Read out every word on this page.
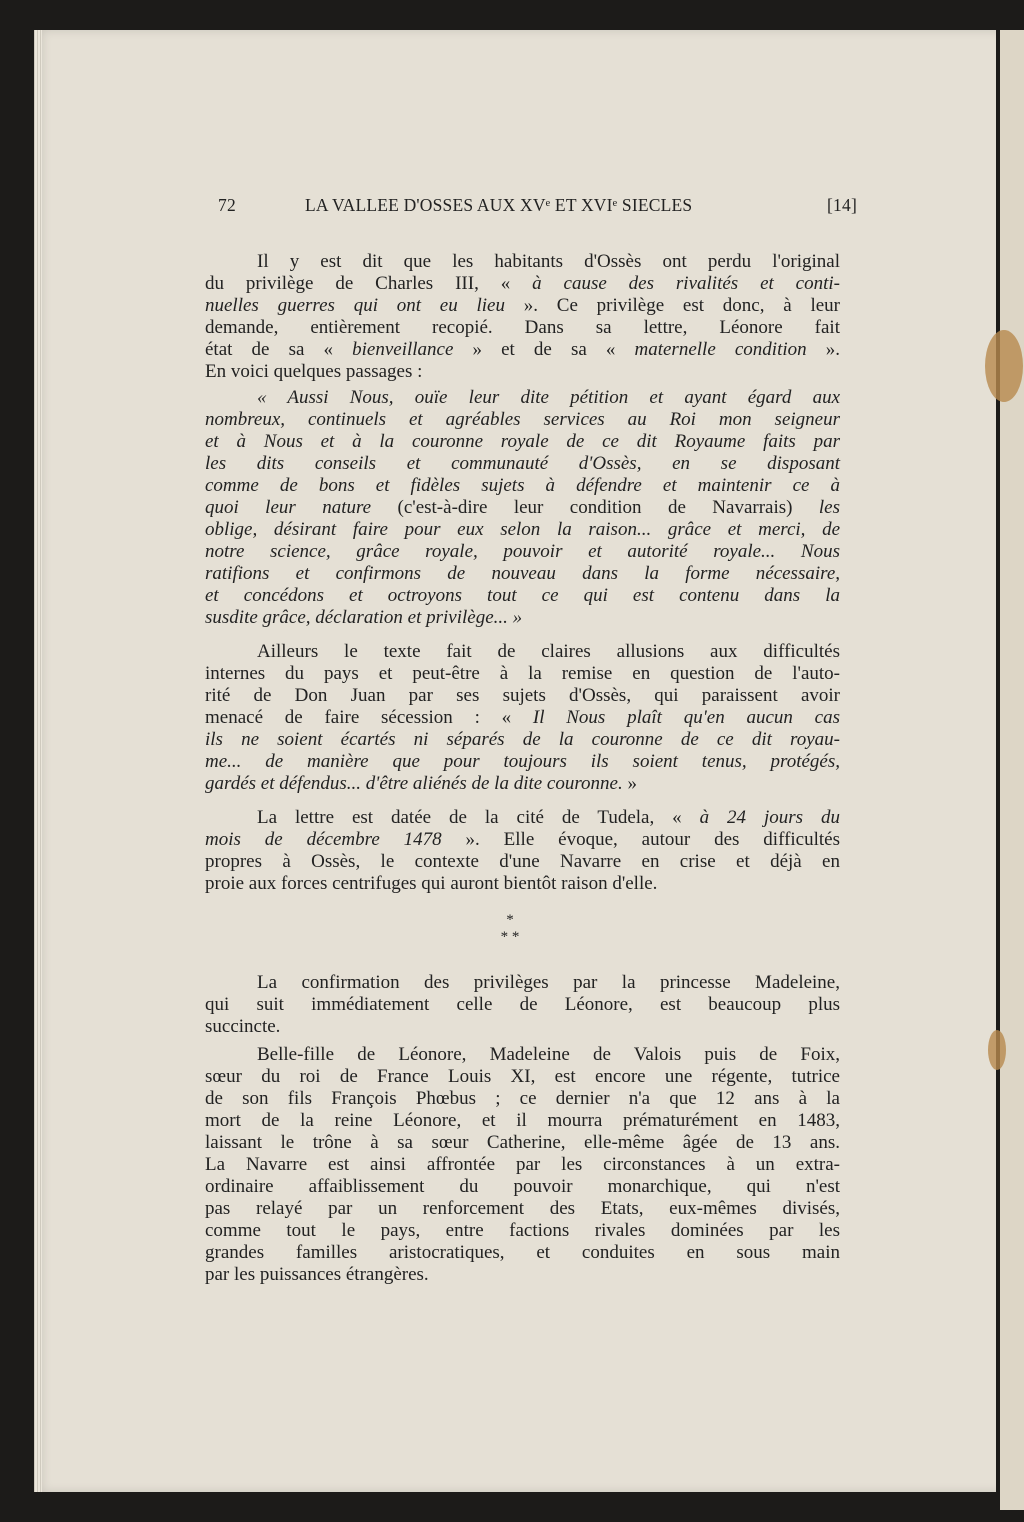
72	LA VALLEE D'OSSES AUX XVᵉ ET XVIᵉ SIECLES	[14]
Il y est dit que les habitants d'Ossès ont perdu l'original
du privilège de Charles III, « à cause des rivalités et conti-
nuelles guerres qui ont eu lieu ». Ce privilège est donc, à leur
demande, entièrement recopié. Dans sa lettre, Léonore fait
état de sa « bienveillance » et de sa « maternelle condition ».
En voici quelques passages :
« Aussi Nous, ouïe leur dite pétition et ayant égard aux
nombreux, continuels et agréables services au Roi mon seigneur
et à Nous et à la couronne royale de ce dit Royaume faits par
les dits conseils et communauté d'Ossès, en se disposant
comme de bons et fidèles sujets à défendre et maintenir ce à
quoi leur nature (c'est-à-dire leur condition de Navarrais) les
oblige, désirant faire pour eux selon la raison... grâce et merci, de
notre science, grâce royale, pouvoir et autorité royale... Nous
ratifions et confirmons de nouveau dans la forme nécessaire,
et concédons et octroyons tout ce qui est contenu dans la
susdite grâce, déclaration et privilège... »
Ailleurs le texte fait de claires allusions aux difficultés
internes du pays et peut-être à la remise en question de l'auto-
rité de Don Juan par ses sujets d'Ossès, qui paraissent avoir
menacé de faire sécession : « Il Nous plaît qu'en aucun cas
ils ne soient écartés ni séparés de la couronne de ce dit royau-
me... de manière que pour toujours ils soient tenus, protégés,
gardés et défendus... d'être aliénés de la dite couronne. »
La lettre est datée de la cité de Tudela, « à 24 jours du
mois de décembre 1478 ». Elle évoque, autour des difficultés
propres à Ossès, le contexte d'une Navarre en crise et déjà en
proie aux forces centrifuges qui auront bientôt raison d'elle.
*
* *
La confirmation des privilèges par la princesse Madeleine,
qui suit immédiatement celle de Léonore, est beaucoup plus
succincte.
Belle-fille de Léonore, Madeleine de Valois puis de Foix,
sœur du roi de France Louis XI, est encore une régente, tutrice
de son fils François Phœbus ; ce dernier n'a que 12 ans à la
mort de la reine Léonore, et il mourra prématurément en 1483,
laissant le trône à sa sœur Catherine, elle-même âgée de 13 ans.
La Navarre est ainsi affrontée par les circonstances à un extra-
ordinaire affaiblissement du pouvoir monarchique, qui n'est
pas relayé par un renforcement des Etats, eux-mêmes divisés,
comme tout le pays, entre factions rivales dominées par les
grandes familles aristocratiques, et conduites en sous main
par les puissances étrangères.
